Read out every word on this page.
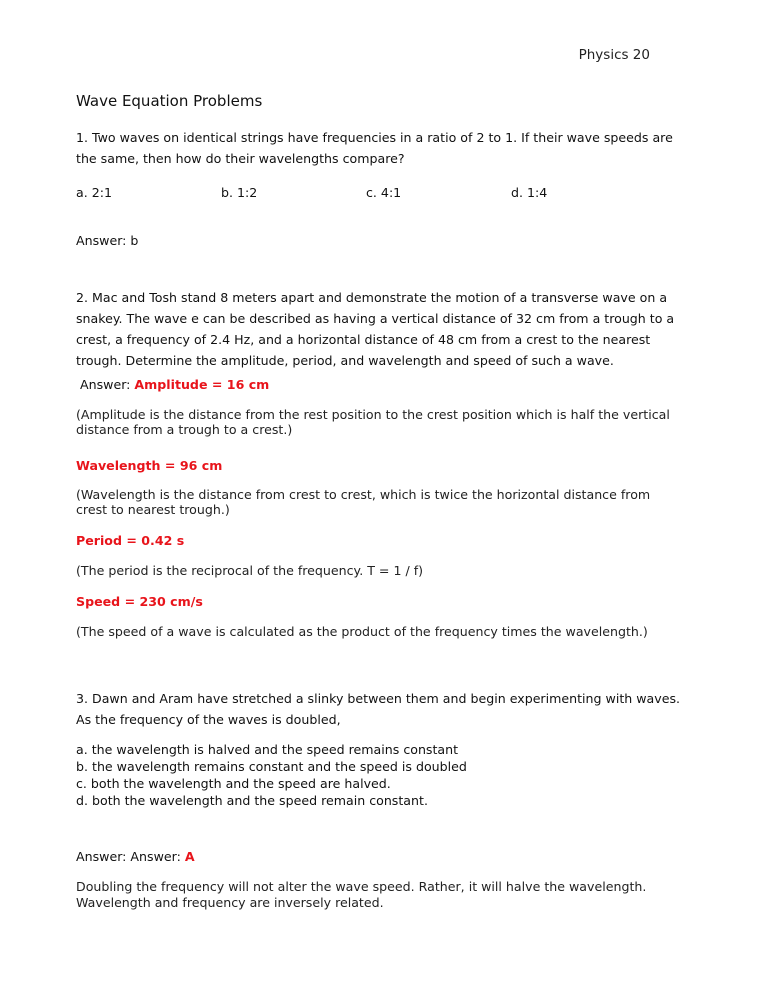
Physics 20
Wave Equation Problems
1. Two waves on identical strings have frequencies in a ratio of 2 to 1. If their wave speeds are the same, then how do their wavelengths compare?
a. 2:1	b. 1:2	c. 4:1	d. 1:4
Answer: b
2. Mac and Tosh stand 8 meters apart and demonstrate the motion of a transverse wave on a snakey. The wave e can be described as having a vertical distance of 32 cm from a trough to a crest, a frequency of 2.4 Hz, and a horizontal distance of 48 cm from a crest to the nearest trough. Determine the amplitude, period, and wavelength and speed of such a wave.
Answer: Amplitude = 16 cm
(Amplitude is the distance from the rest position to the crest position which is half the vertical distance from a trough to a crest.)
Wavelength = 96 cm
(Wavelength is the distance from crest to crest, which is twice the horizontal distance from crest to nearest trough.)
Period = 0.42 s
(The period is the reciprocal of the frequency. T = 1 / f)
Speed = 230 cm/s
(The speed of a wave is calculated as the product of the frequency times the wavelength.)
3. Dawn and Aram have stretched a slinky between them and begin experimenting with waves. As the frequency of the waves is doubled,
a. the wavelength is halved and the speed remains constant
b. the wavelength remains constant and the speed is doubled
c. both the wavelength and the speed are halved.
d. both the wavelength and the speed remain constant.
Answer: Answer: A
Doubling the frequency will not alter the wave speed. Rather, it will halve the wavelength. Wavelength and frequency are inversely related.
